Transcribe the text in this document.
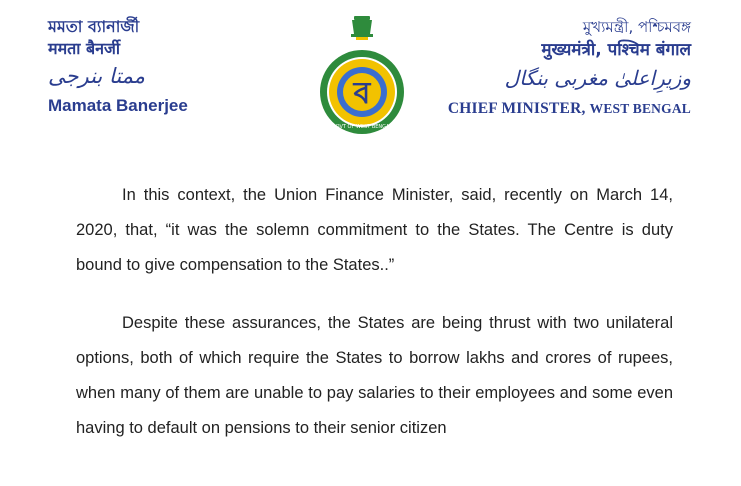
মমতা ব্যানার্জী
ममता बैनर्जी
ممتا بنرجی
Mamata Banerjee	ব
GOVT OF WEST BENGAL
মুখ্যমন্ত্রী, পশ্চিমবঙ্গ
मुख्यमंत्री, पश्चिम बंगाल
وزیرِاعلیٰ مغربی بنگال
CHIEF MINISTER, WEST BENGAL

In this context, the Union Finance Minister, said, recently on March 14, 2020, that, “it was the solemn commitment to the States. The Centre is duty bound to give compensation to the States..”

Despite these assurances, the States are being thrust with two unilateral options, both of which require the States to borrow lakhs and crores of rupees, when many of them are unable to pay salaries to their employees and some even having to default on pensions to their senior citizen
